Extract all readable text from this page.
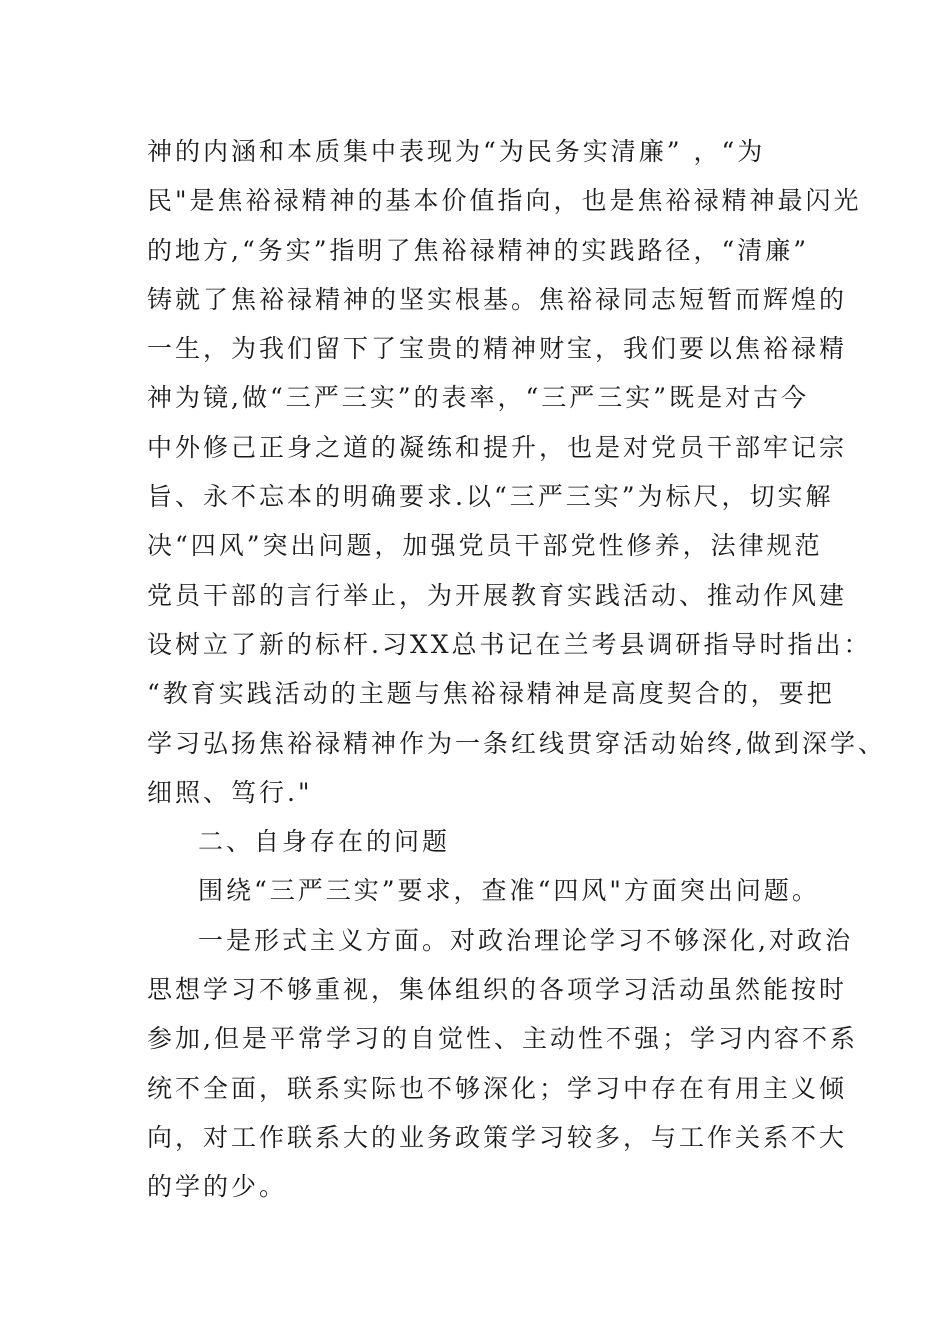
神的内涵和本质集中表现为“为民务实清廉” ，“为
民"是焦裕禄精神的基本价值指向，也是焦裕禄精神最闪光
的地方,“务实”指明了焦裕禄精神的实践路径，“清廉”
铸就了焦裕禄精神的坚实根基。焦裕禄同志短暂而辉煌的
一生，为我们留下了宝贵的精神财宝，我们要以焦裕禄精
神为镜,做“三严三实”的表率，“三严三实”既是对古今
中外修己正身之道的凝练和提升，也是对党员干部牢记宗
旨、永不忘本的明确要求.以“三严三实”为标尺，切实解
决“四风”突出问题，加强党员干部党性修养，法律规范
党员干部的言行举止，为开展教育实践活动、推动作风建
设树立了新的标杆.习XX总书记在兰考县调研指导时指出：
“教育实践活动的主题与焦裕禄精神是高度契合的，要把
学习弘扬焦裕禄精神作为一条红线贯穿活动始终,做到深学、
细照、笃行."
二、自身存在的问题
围绕“三严三实”要求，查准“四风"方面突出问题。
一是形式主义方面。对政治理论学习不够深化,对政治
思想学习不够重视，集体组织的各项学习活动虽然能按时
参加,但是平常学习的自觉性、主动性不强；学习内容不系
统不全面，联系实际也不够深化；学习中存在有用主义倾
向，对工作联系大的业务政策学习较多，与工作关系不大
的学的少。
